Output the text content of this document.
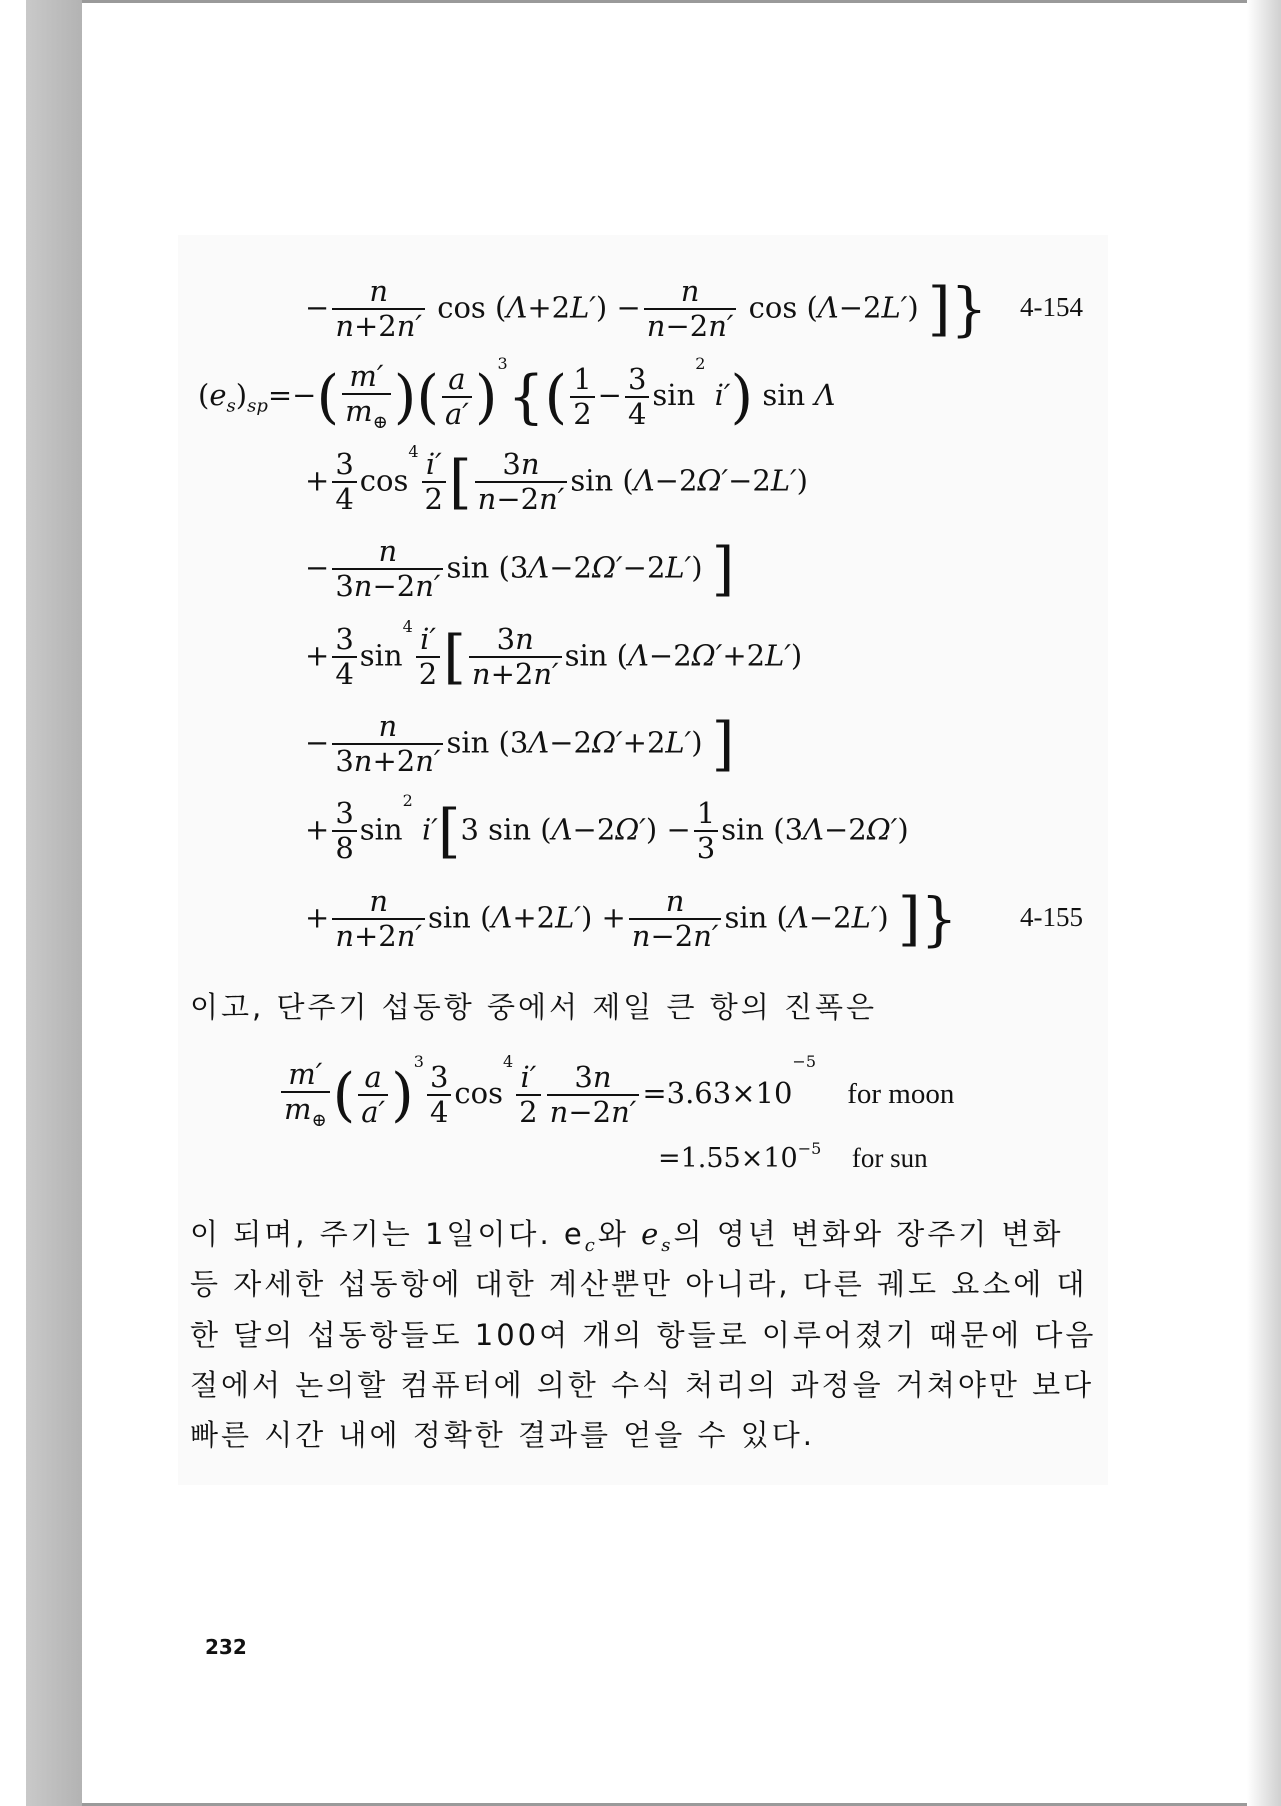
− $\frac{n}{n+2n'}$ $\cos (\Lambda+2L') - \frac{n}{n-2n'}$ cos (Λ−2L′) ]} 4-154
$(e_s)_{sp}=-( \frac{m'}{m_\oplus}$ )( $\frac{a}{a'} )^3\{( \frac{1}{2} - \frac{3}{4} \sin^2 i')$ sin Λ
+ $\frac{3}{4} \cos^4 \frac{i'}{2}$ [ $\frac{3n}{n-2n'}$ sin (Λ−2Ω′−2L′)
− $\frac{n}{3n-2n'}$ sin (3Λ−2Ω′−2L′) ]
+ $\frac{3}{4} \sin^4 \frac{i'}{2}$ [ $\frac{3n}{n+2n'}$ sin (Λ−2Ω′+2L′)
− $\frac{n}{3n+2n'}$ sin (3Λ−2Ω′+2L′) ]
+ $\frac{3}{8} \sin^2 i'[3$ $\sin (\Lambda-2\Omega') - \frac{1}{3}$ sin (3Λ−2Ω′)
+ $\frac{n}{n+2n'}$ $\sin (\Lambda+2L') + \frac{n}{n-2n'}$ sin (Λ−2L′) ]} 4-155
이고, 단주기 섭동항 중에서 제일 큰 항의 진폭은
$\frac{m'}{m_\oplus}$ ( $\frac{a}{a'} )^3 \frac{3}{4} \cos^4 \frac{i'}{2} \frac{3n}{n-2n'} =3.63\times 10^{-5}$ for moon
$=1.55\times 10^{-5}$ for sun
이 되며, 주기는 1일이다. $e_c$와 $e_s$의 영년 변화와 장주기 변화
등 자세한 섭동항에 대한 계산뿐만 아니라, 다른 궤도 요소에 대
한 달의 섭동항들도 100여 개의 항들로 이루어졌기 때문에 다음
절에서 논의할 컴퓨터에 의한 수식 처리의 과정을 거쳐야만 보다
빠른 시간 내에 정확한 결과를 얻을 수 있다.
232
